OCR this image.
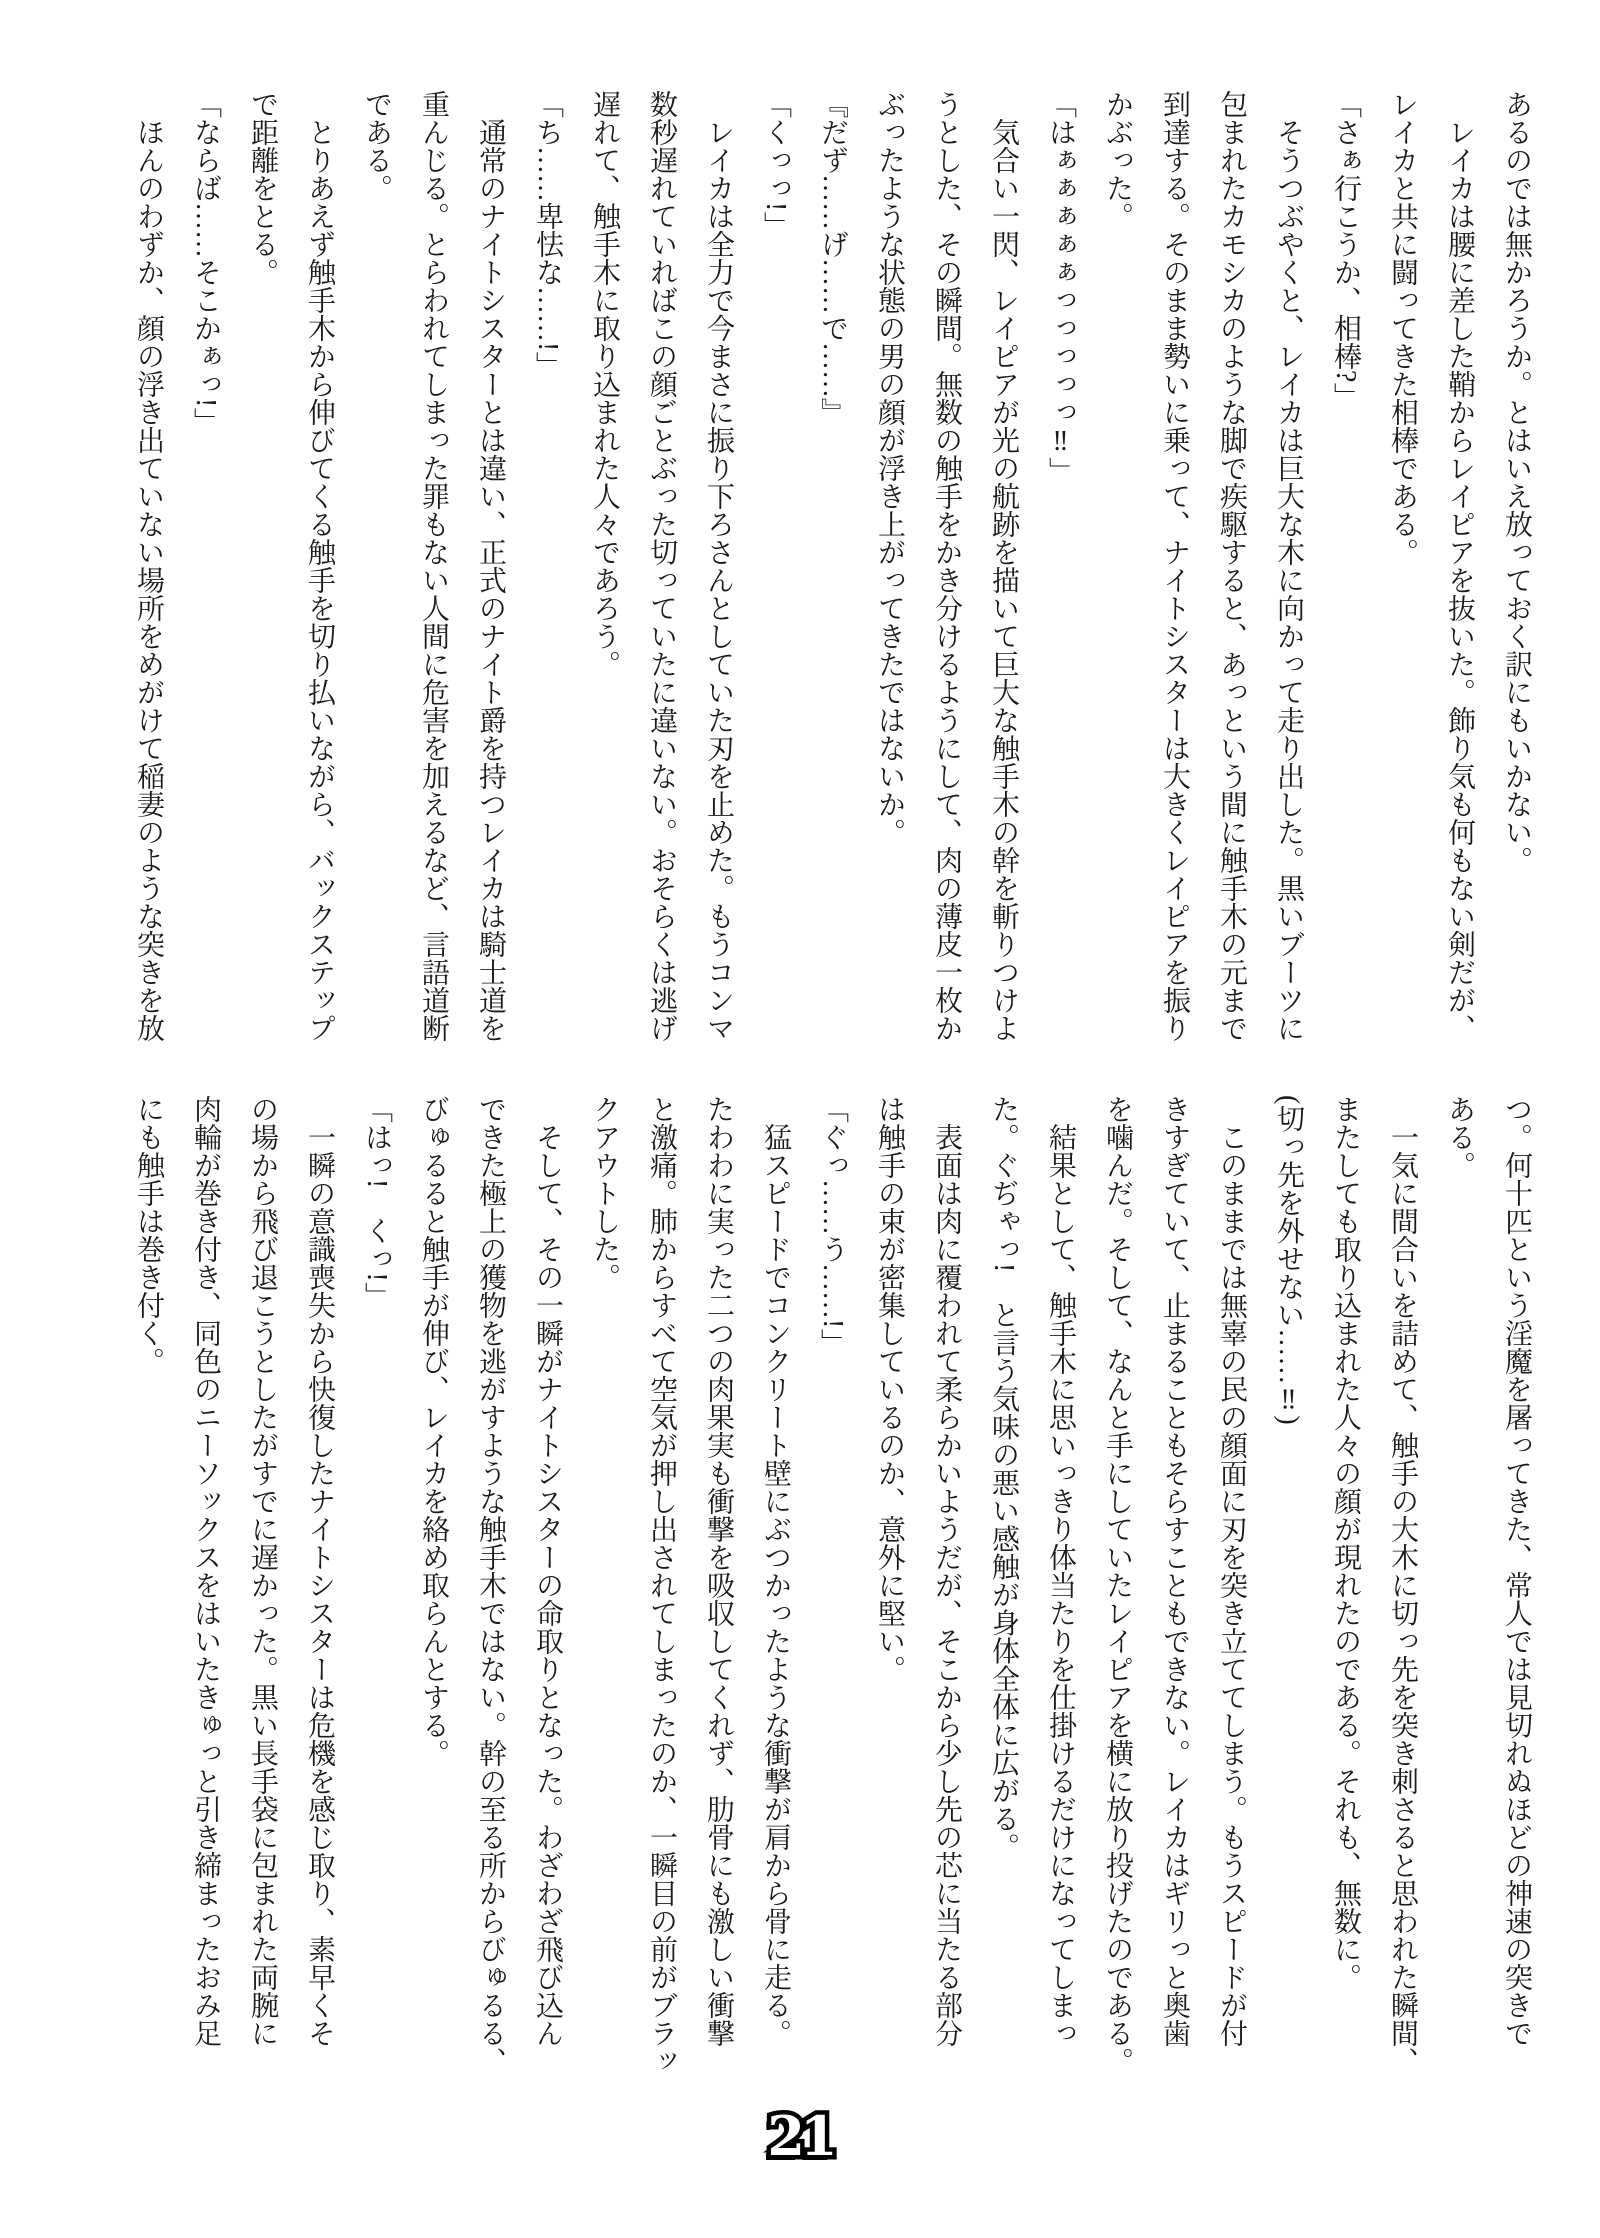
あるのでは無かろうか。とはいえ放っておく訳にもいかない。

　レイカは腰に差した鞘からレイピアを抜いた。飾り気も何もない剣だが、

レイカと共に闘ってきた相棒である。

「さぁ行こうか、相棒?」

　そうつぶやくと、レイカは巨大な木に向かって走り出した。黒いブーツに

包まれたカモシカのような脚で疾駆すると、あっという間に触手木の元まで

到達する。そのまま勢いに乗って、ナイトシスターは大きくレイピアを振り

かぶった。

「はぁぁぁぁぁっっっっっ‼」

　気合い一閃、レイピアが光の航跡を描いて巨大な触手木の幹を斬りつけよ

うとした、その瞬間。無数の触手をかき分けるようにして、肉の薄皮一枚か

ぶったような状態の男の顔が浮き上がってきたではないか。

『だず……げ……で……』

「くっっ!」

　レイカは全力で今まさに振り下ろさんとしていた刃を止めた。もうコンマ

数秒遅れていればこの顔ごとぶった切っていたに違いない。おそらくは逃げ

遅れて、触手木に取り込まれた人々であろう。

「ち……卑怯な……!」

　通常のナイトシスターとは違い、正式のナイト爵を持つレイカは騎士道を

重んじる。とらわれてしまった罪もない人間に危害を加えるなど、言語道断

である。

　とりあえず触手木から伸びてくる触手を切り払いながら、バックステップ

で距離をとる。

「ならば……そこかぁっ!」

　ほんのわずか、顔の浮き出ていない場所をめがけて稲妻のような突きを放

つ。何十匹という淫魔を屠ってきた、常人では見切れぬほどの神速の突きで

ある。

　一気に間合いを詰めて、触手の大木に切っ先を突き刺さると思われた瞬間、

またしても取り込まれた人々の顔が現れたのである。それも、無数に。

(切っ先を外せない……‼)

　このままでは無辜の民の顔面に刃を突き立ててしまう。もうスピードが付

きすぎていて、止まることもそらすこともできない。レイカはギリっと奥歯

を噛んだ。そして、なんと手にしていたレイピアを横に放り投げたのである。

　結果として、触手木に思いっきり体当たりを仕掛けるだけになってしまっ

た。ぐぢゃっ!　と言う気味の悪い感触が身体全体に広がる。

　表面は肉に覆われて柔らかいようだが、そこから少し先の芯に当たる部分

は触手の束が密集しているのか、意外に堅い。

「ぐっ……う……!」

　猛スピードでコンクリート壁にぶつかったような衝撃が肩から骨に走る。

たわわに実った二つの肉果実も衝撃を吸収してくれず、肋骨にも激しい衝撃

と激痛。肺からすべて空気が押し出されてしまったのか、一瞬目の前がブラッ

クアウトした。

　そして、その一瞬がナイトシスターの命取りとなった。わざわざ飛び込ん

できた極上の獲物を逃がすような触手木ではない。幹の至る所からびゅるる、

びゅるると触手が伸び、レイカを絡め取らんとする。

「はっ!　くっ!」

　一瞬の意識喪失から快復したナイトシスターは危機を感じ取り、素早くそ

の場から飛び退こうとしたがすでに遅かった。黒い長手袋に包まれた両腕に

肉輪が巻き付き、同色のニーソックスをはいたきゅっと引き締まったおみ足

にも触手は巻き付く。

21
